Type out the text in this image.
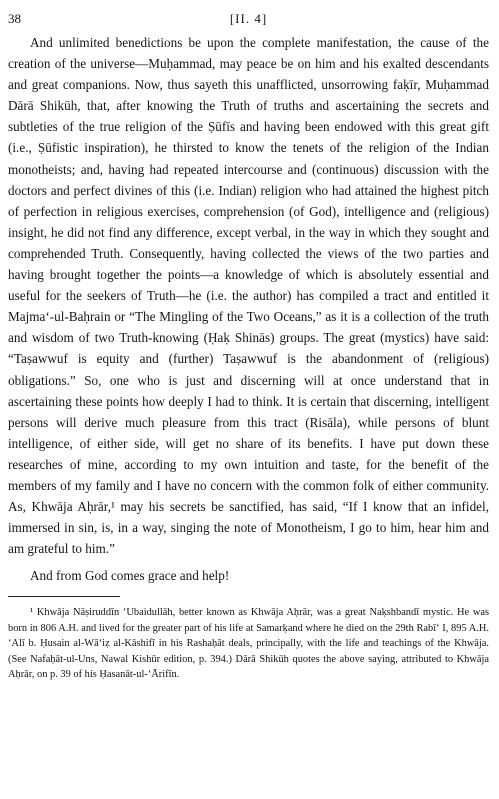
38	[II. 4]

And unlimited benedictions be upon the complete manifestation, the cause of the creation of the universe—Muḥammad, may peace be on him and his exalted descendants and great companions. Now, thus sayeth this unafflicted, unsorrowing faḳīr, Muḥammad Dārā Shikūh, that, after knowing the Truth of truths and ascertaining the secrets and subtleties of the true religion of the Ṣūfīs and having been endowed with this great gift (i.e., Ṣūfistic inspiration), he thirsted to know the tenets of the religion of the Indian monotheists; and, having had repeated intercourse and (continuous) discussion with the doctors and perfect divines of this (i.e. Indian) religion who had attained the highest pitch of perfection in religious exercises, comprehension (of God), intelligence and (religious) insight, he did not find any difference, except verbal, in the way in which they sought and comprehended Truth. Consequently, having collected the views of the two parties and having brought together the points—a knowledge of which is absolutely essential and useful for the seekers of Truth—he (i.e. the author) has compiled a tract and entitled it Majma‘-ul-Baḥrain or “The Mingling of the Two Oceans,” as it is a collection of the truth and wisdom of two Truth-knowing (Ḥaḳ Shinās) groups. The great (mystics) have said: “Taṣawwuf is equity and (further) Taṣawwuf is the abandonment of (religious) obligations.” So, one who is just and discerning will at once understand that in ascertaining these points how deeply I had to think. It is certain that discerning, intelligent persons will derive much pleasure from this tract (Risāla), while persons of blunt intelligence, of either side, will get no share of its benefits. I have put down these researches of mine, according to my own intuition and taste, for the benefit of the members of my family and I have no concern with the common folk of either community. As, Khwāja Aḥrār,¹ may his secrets be sanctified, has said, “If I know that an infidel, immersed in sin, is, in a way, singing the note of Monotheism, I go to him, hear him and am grateful to him.”

And from God comes grace and help!

¹ Khwāja Nāṣiruddīn ‘Ubaidullāh, better known as Khwāja Aḥrār, was a great Naḳshbandī mystic. He was born in 806 A.H. and lived for the greater part of his life at Samarḳand where he died on the 29th Rabī‘ I, 895 A.H. ‘Alī b. Ḥusain al-Wā‘iẓ al-Kāshifī in his Rashaḥāt deals, principally, with the life and teachings of the Khwāja. (See Nafaḥāt-ul-Uns, Nawal Kishūr edition, p. 394.) Dārā Shikūh quotes the above saying, attributed to Khwāja Aḥrār, on p. 39 of his Ḥasanāt-ul-‘Ārifīn.
